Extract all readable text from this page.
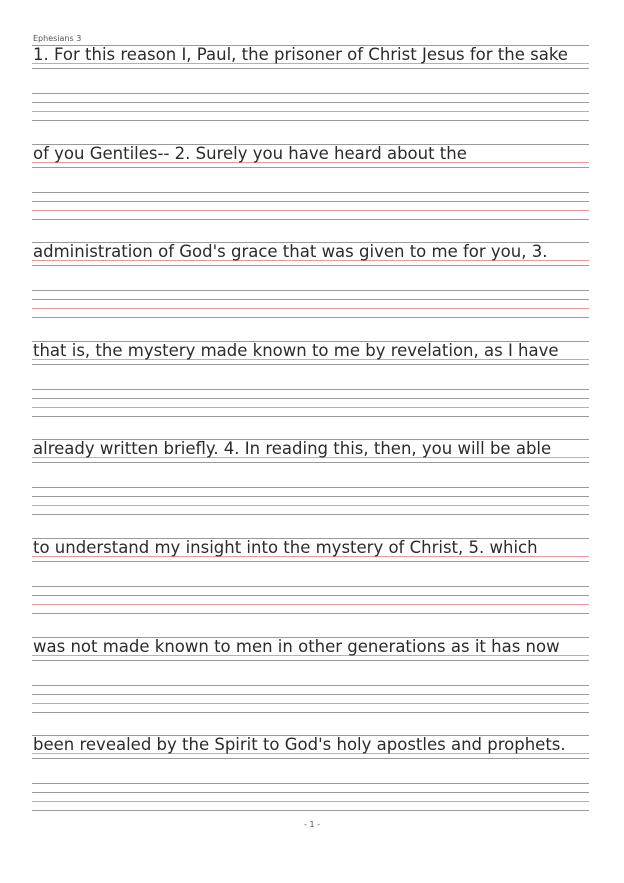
Ephesians 3
1. For this reason I, Paul, the prisoner of Christ Jesus for the sake
of you Gentiles-- 2. Surely you have heard about the
administration of God's grace that was given to me for you, 3.
that is, the mystery made known to me by revelation, as I have
already written briefly. 4. In reading this, then, you will be able
to understand my insight into the mystery of Christ, 5. which
was not made known to men in other generations as it has now
been revealed by the Spirit to God's holy apostles and prophets.
- 1 -
